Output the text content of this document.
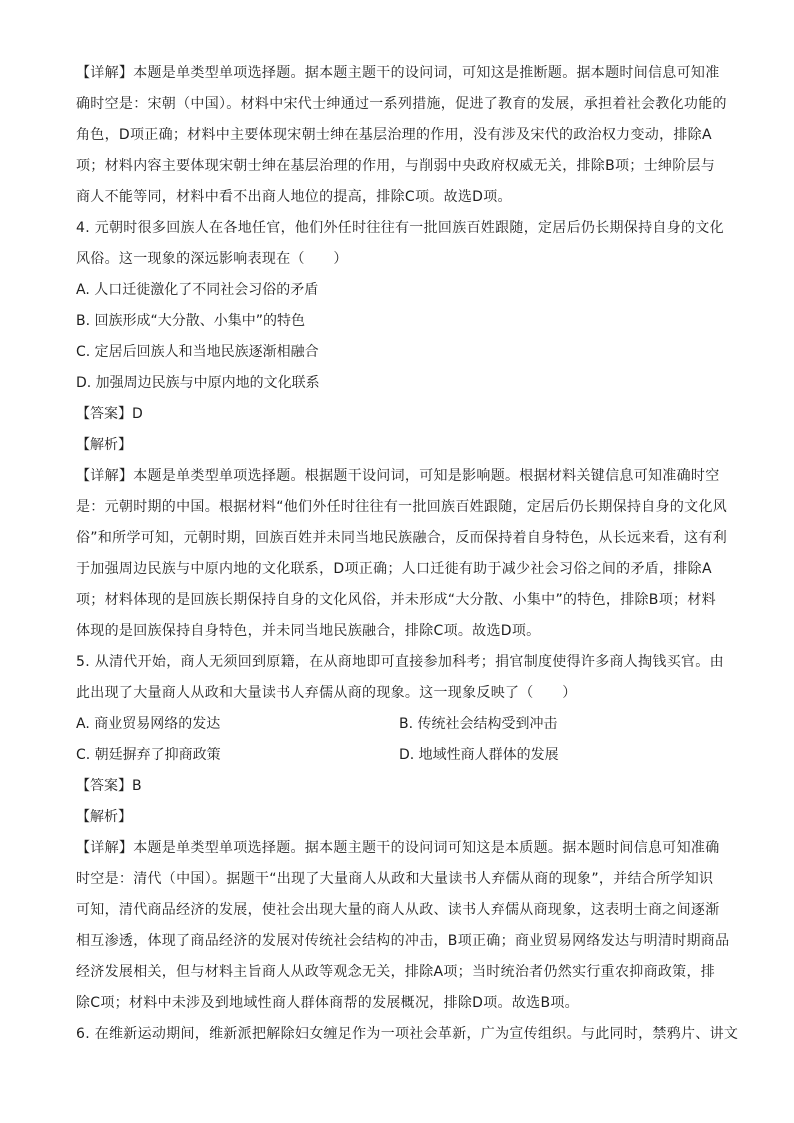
【详解】本题是单类型单项选择题。据本题主题干的设问词，可知这是推断题。据本题时间信息可知准
确时空是：宋朝（中国）。材料中宋代士绅通过一系列措施，促进了教育的发展，承担着社会教化功能的
角色，D项正确；材料中主要体现宋朝士绅在基层治理的作用，没有涉及宋代的政治权力变动，排除A
项；材料内容主要体现宋朝士绅在基层治理的作用，与削弱中央政府权威无关，排除B项；士绅阶层与
商人不能等同，材料中看不出商人地位的提高，排除C项。故选D项。
4. 元朝时很多回族人在各地任官，他们外任时往往有一批回族百姓跟随，定居后仍长期保持自身的文化
风俗。这一现象的深远影响表现在（　　）
A. 人口迁徙激化了不同社会习俗的矛盾
B. 回族形成“大分散、小集中”的特色
C. 定居后回族人和当地民族逐渐相融合
D. 加强周边民族与中原内地的文化联系
【答案】D
【解析】
【详解】本题是单类型单项选择题。根据题干设问词，可知是影响题。根据材料关键信息可知准确时空
是：元朝时期的中国。根据材料“他们外任时往往有一批回族百姓跟随，定居后仍长期保持自身的文化风
俗”和所学可知，元朝时期，回族百姓并未同当地民族融合，反而保持着自身特色，从长远来看，这有利
于加强周边民族与中原内地的文化联系，D项正确；人口迁徙有助于减少社会习俗之间的矛盾，排除A
项；材料体现的是回族长期保持自身的文化风俗，并未形成“大分散、小集中”的特色，排除B项；材料
体现的是回族保持自身特色，并未同当地民族融合，排除C项。故选D项。
5. 从清代开始，商人无须回到原籍，在从商地即可直接参加科考；捐官制度使得许多商人掏钱买官。由
此出现了大量商人从政和大量读书人弃儒从商的现象。这一现象反映了（　　）
A. 商业贸易网络的发达	B. 传统社会结构受到冲击
C. 朝廷摒弃了抑商政策	D. 地域性商人群体的发展
【答案】B
【解析】
【详解】本题是单类型单项选择题。据本题主题干的设问词可知这是本质题。据本题时间信息可知准确
时空是：清代（中国）。据题干“出现了大量商人从政和大量读书人弃儒从商的现象”，并结合所学知识
可知，清代商品经济的发展，使社会出现大量的商人从政、读书人弃儒从商现象，这表明士商之间逐渐
相互渗透，体现了商品经济的发展对传统社会结构的冲击，B项正确；商业贸易网络发达与明清时期商品
经济发展相关，但与材料主旨商人从政等观念无关，排除A项；当时统治者仍然实行重农抑商政策，排
除C项；材料中未涉及到地域性商人群体商帮的发展概况，排除D项。故选B项。
6. 在维新运动期间，维新派把解除妇女缠足作为一项社会革新，广为宣传组织。与此同时，禁鸦片、讲文
